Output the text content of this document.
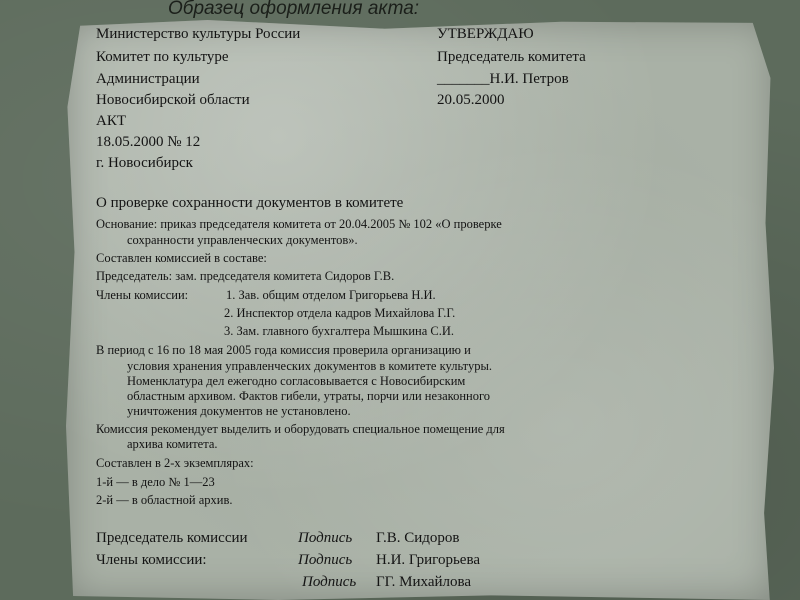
Образец оформления акта:
Министерство культуры России
Комитет по культуре
Администрации
Новосибирской области
АКТ
18.05.2000 № 12
г. Новосибирск
УТВЕРЖДАЮ
Председатель комитета
_______Н.И. Петров
20.05.2000
О проверке сохранности документов в комитете
Основание: приказ председателя комитета от 20.04.2005 № 102 «О проверке
сохранности управленческих документов».
Составлен комиссией в составе:
Председатель: зам. председателя комитета Сидоров Г.В.
Члены комиссии:	1. Зав. общим отделом Григорьева Н.И.
2. Инспектор отдела кадров Михайлова Г.Г.
3. Зам. главного бухгалтера Мышкина С.И.
В период с 16 по 18 мая 2005 года комиссия проверила организацию и
условия хранения управленческих документов в комитете культуры.
Номенклатура дел ежегодно согласовывается с Новосибирским
областным архивом. Фактов гибели, утраты, порчи или незаконного
уничтожения документов не установлено.
Комиссия рекомендует выделить и оборудовать специальное помещение для
архива комитета.
Составлен в 2-х экземплярах:
1-й — в дело № 1—23
2-й — в областной архив.
Председатель комиссии	Подпись Г.В. Сидоров
Члены комиссии:	Подпись Н.И. Григорьева
Подпись ГГ. Михайлова
